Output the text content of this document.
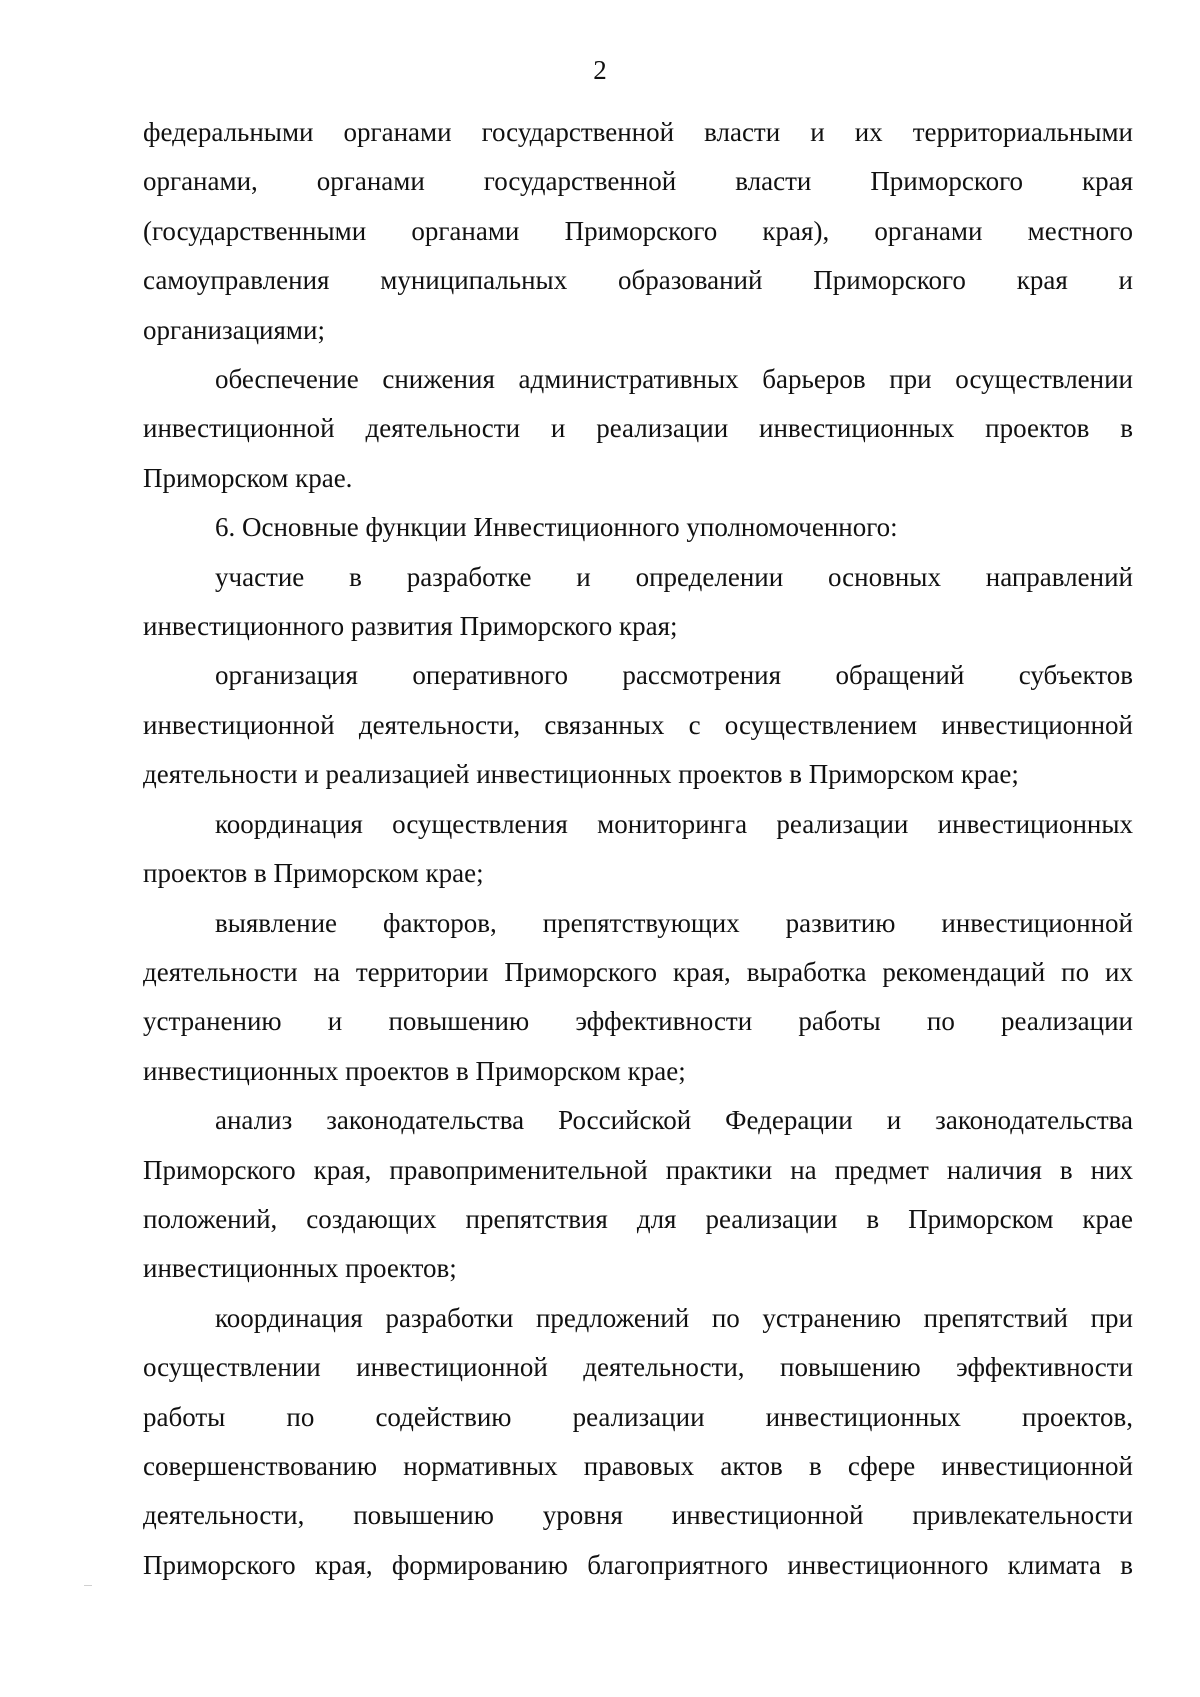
2
федеральными органами государственной власти и их территориальными
органами, органами государственной власти Приморского края
(государственными органами Приморского края), органами местного
самоуправления муниципальных образований Приморского края и
организациями;
обеспечение снижения административных барьеров при осуществлении
инвестиционной деятельности и реализации инвестиционных проектов в
Приморском крае.
6. Основные функции Инвестиционного уполномоченного:
участие в разработке и определении основных направлений
инвестиционного развития Приморского края;
организация оперативного рассмотрения обращений субъектов
инвестиционной деятельности, связанных с осуществлением инвестиционной
деятельности и реализацией инвестиционных проектов в Приморском крае;
координация осуществления мониторинга реализации инвестиционных
проектов в Приморском крае;
выявление факторов, препятствующих развитию инвестиционной
деятельности на территории Приморского края, выработка рекомендаций по их
устранению и повышению эффективности работы по реализации
инвестиционных проектов в Приморском крае;
анализ законодательства Российской Федерации и законодательства
Приморского края, правоприменительной практики на предмет наличия в них
положений, создающих препятствия для реализации в Приморском крае
инвестиционных проектов;
координация разработки предложений по устранению препятствий при
осуществлении инвестиционной деятельности, повышению эффективности
работы по содействию реализации инвестиционных проектов,
совершенствованию нормативных правовых актов в сфере инвестиционной
деятельности, повышению уровня инвестиционной привлекательности
Приморского края, формированию благоприятного инвестиционного климата в
